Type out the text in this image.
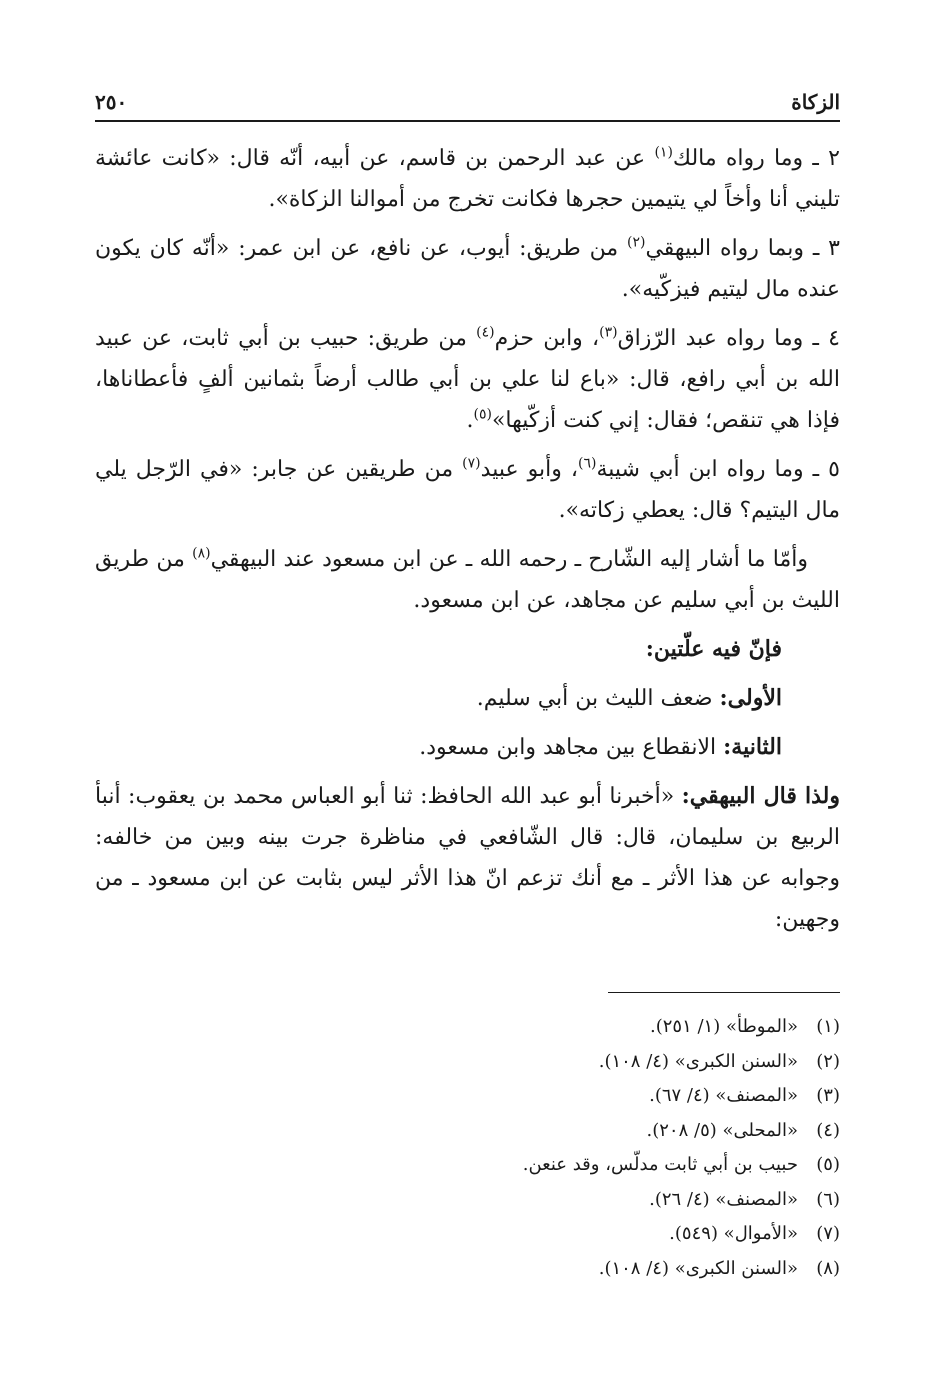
الزكاة
٢٥٠

٢ ـ وما رواه مالك$^{(١)}$ عن عبد الرحمن بن قاسم، عن أبيه، أنّه قال: «كانت عائشة تليني أنا وأخاً لي يتيمين حجرها فكانت تخرج من أموالنا الزكاة».

٣ ـ وبما رواه البيهقي$^{(٢)}$ من طريق: أيوب، عن نافع، عن ابن عمر: «أنّه كان يكون عنده مال ليتيم فيزكّيه».

٤ ـ وما رواه عبد الرّزاق$^{(٣)}$، وابن حزم$^{(٤)}$ من طريق: حبيب بن أبي ثابت، عن عبيد الله بن أبي رافع، قال: «باع لنا علي بن أبي طالب أرضاً بثمانين ألفٍ فأعطاناها، فإذا هي تنقص؛ فقال: إني كنت أزكّيها»$^{(٥)}$.

٥ ـ وما رواه ابن أبي شيبة$^{(٦)}$، وأبو عبيد$^{(٧)}$ من طريقين عن جابر: «في الرّجل يلي مال اليتيم؟ قال: يعطي زكاته».

وأمّا ما أشار إليه الشّارح ـ رحمه الله ـ عن ابن مسعود عند البيهقي$^{(٨)}$ من طريق الليث بن أبي سليم عن مجاهد، عن ابن مسعود.

فإنّ فيه علّتين:

الأولى: ضعف الليث بن أبي سليم.

الثانية: الانقطاع بين مجاهد وابن مسعود.

ولذا قال البيهقي: «أخبرنا أبو عبد الله الحافظ: ثنا أبو العباس محمد بن يعقوب: أنبأ الربيع بن سليمان، قال: قال الشّافعي في مناظرة جرت بينه وبين من خالفه: وجوابه عن هذا الأثر ـ مع أنك تزعم انّ هذا الأثر ليس بثابت عن ابن مسعود ـ من وجهين:

(١)
«الموطأ» (١/ ٢٥١).
(٢)
«السنن الكبرى» (٤/ ١٠٨).
(٣)
«المصنف» (٤/ ٦٧).
(٤)
«المحلى» (٥/ ٢٠٨).
(٥)
حبيب بن أبي ثابت مدلّس، وقد عنعن.
(٦)
«المصنف» (٤/ ٢٦).
(٧)
«الأموال» (٥٤٩).
(٨)
«السنن الكبرى» (٤/ ١٠٨).
